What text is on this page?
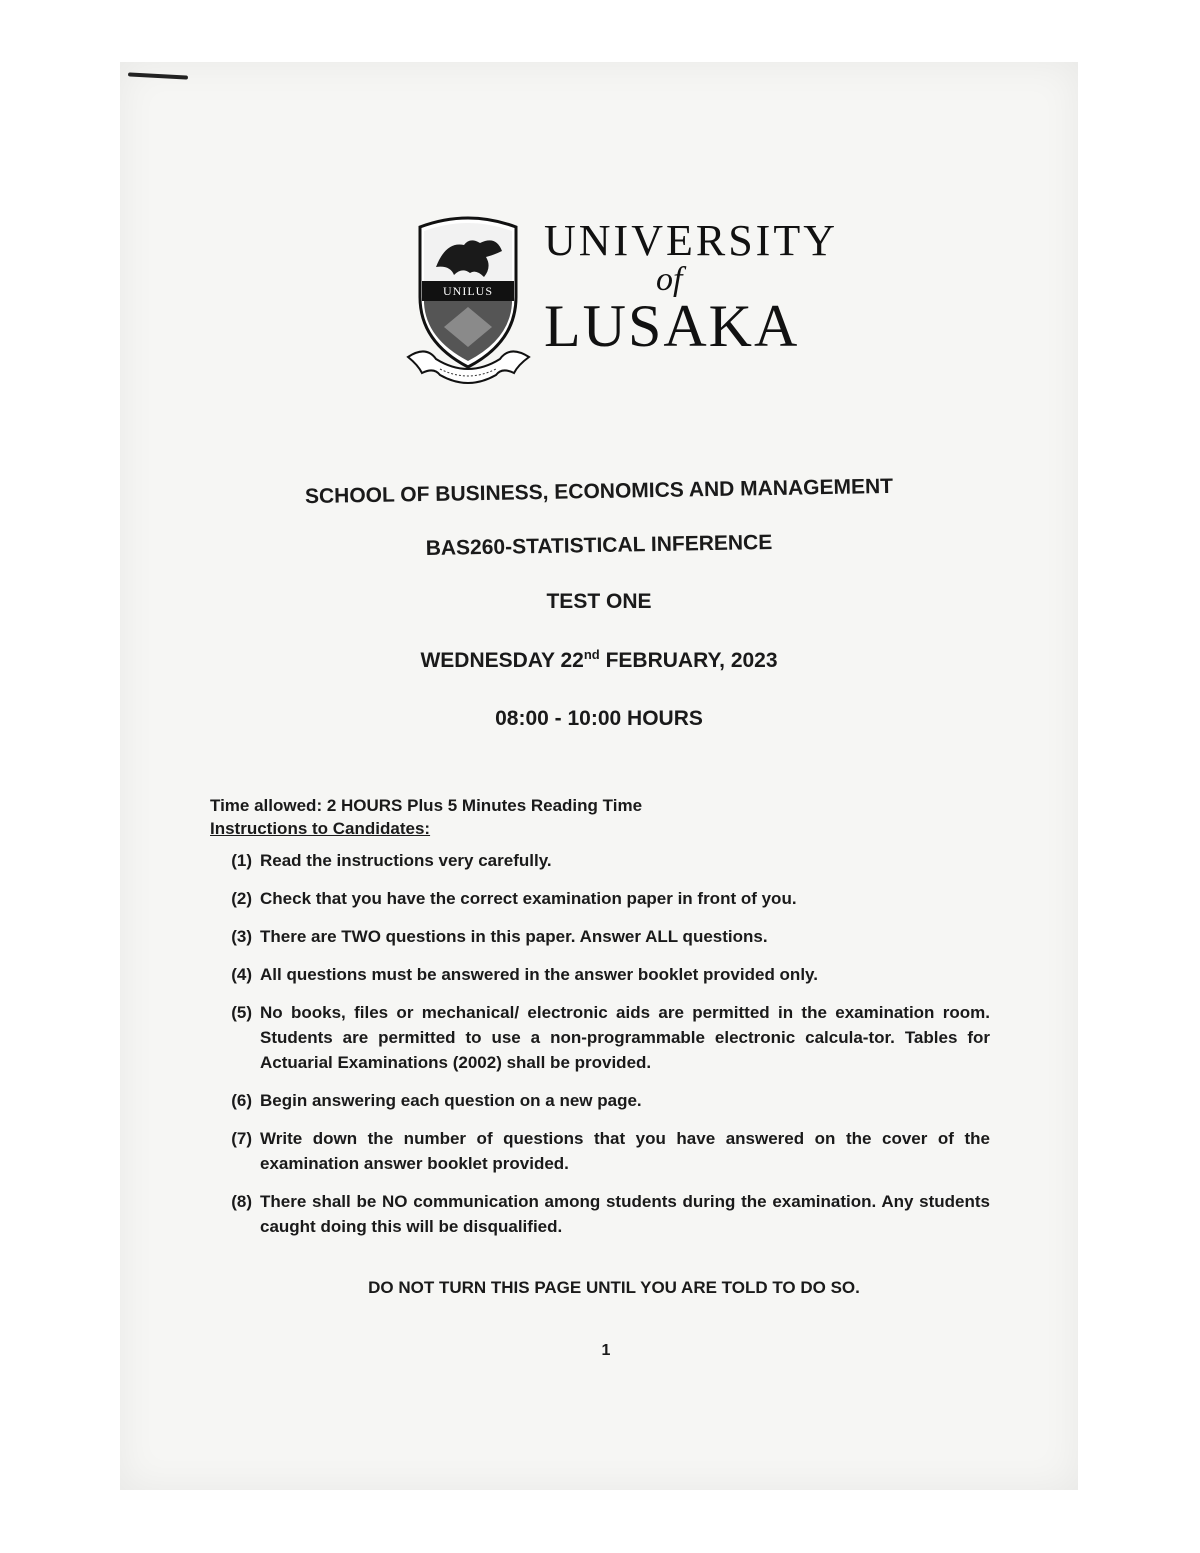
UNILUS
UNIVERSITY
of
LUSAKA
SCHOOL OF BUSINESS, ECONOMICS AND MANAGEMENT
BAS260-STATISTICAL INFERENCE
TEST ONE
WEDNESDAY 22nd FEBRUARY, 2023
08:00 - 10:00 HOURS
Time allowed: 2 HOURS Plus 5 Minutes Reading Time
Instructions to Candidates:
(1) Read the instructions very carefully.
(2) Check that you have the correct examination paper in front of you.
(3) There are TWO questions in this paper. Answer ALL questions.
(4) All questions must be answered in the answer booklet provided only.
(5) No books, files or mechanical/ electronic aids are permitted in the examination room. Students are permitted to use a non-programmable electronic calcula-tor. Tables for Actuarial Examinations (2002) shall be provided.
(6) Begin answering each question on a new page.
(7) Write down the number of questions that you have answered on the cover of the examination answer booklet provided.
(8) There shall be NO communication among students during the examination. Any students caught doing this will be disqualified.
DO NOT TURN THIS PAGE UNTIL YOU ARE TOLD TO DO SO.
1
